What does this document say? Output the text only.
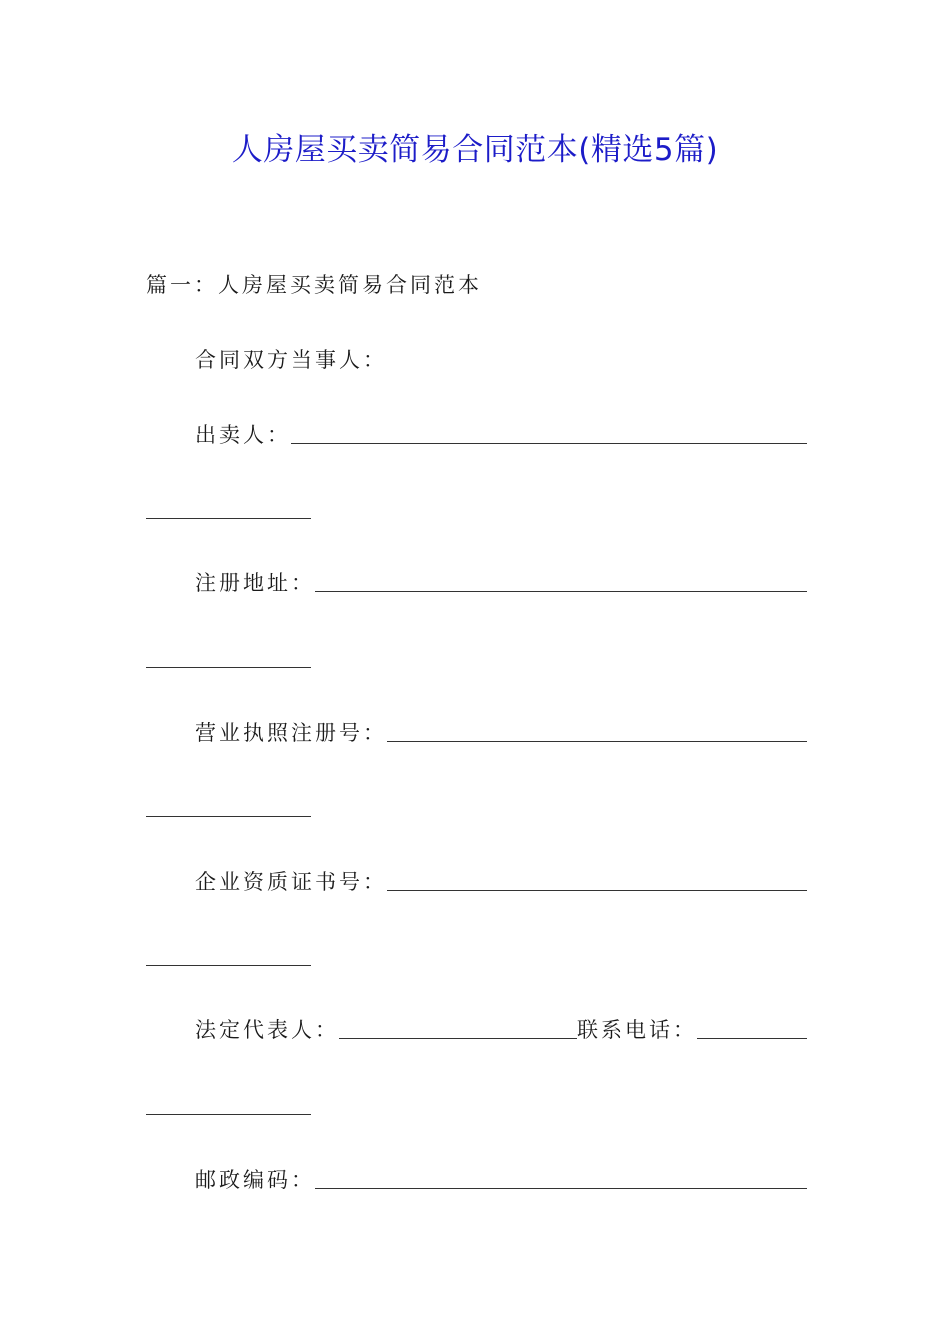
人房屋买卖简易合同范本(精选5篇)
篇一：人房屋买卖简易合同范本
合同双方当事人：
出卖人：
注册地址：
营业执照注册号：
企业资质证书号：
法定代表人：	联系电话：
邮政编码：
